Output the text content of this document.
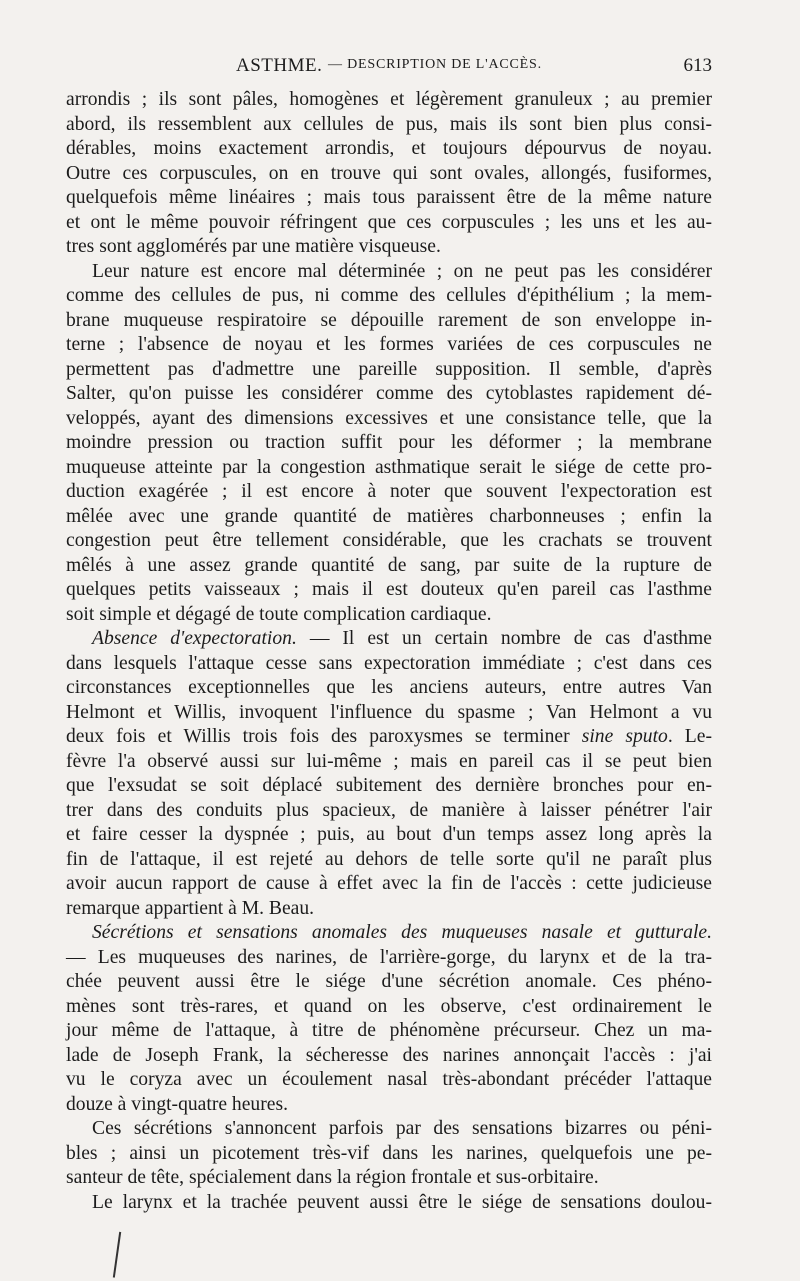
ASTHME. — DESCRIPTION DE L'ACCÈS.	613

arrondis ; ils sont pâles, homogènes et légèrement granuleux ; au premier
abord, ils ressemblent aux cellules de pus, mais ils sont bien plus consi-
dérables, moins exactement arrondis, et toujours dépourvus de noyau.
Outre ces corpuscules, on en trouve qui sont ovales, allongés, fusiformes,
quelquefois même linéaires ; mais tous paraissent être de la même nature
et ont le même pouvoir réfringent que ces corpuscules ; les uns et les au-
tres sont agglomérés par une matière visqueuse.

Leur nature est encore mal déterminée ; on ne peut pas les considérer
comme des cellules de pus, ni comme des cellules d'épithélium ; la mem-
brane muqueuse respiratoire se dépouille rarement de son enveloppe in-
terne ; l'absence de noyau et les formes variées de ces corpuscules ne
permettent pas d'admettre une pareille supposition. Il semble, d'après
Salter, qu'on puisse les considérer comme des cytoblastes rapidement dé-
veloppés, ayant des dimensions excessives et une consistance telle, que la
moindre pression ou traction suffit pour les déformer ; la membrane
muqueuse atteinte par la congestion asthmatique serait le siége de cette pro-
duction exagérée ; il est encore à noter que souvent l'expectoration est
mêlée avec une grande quantité de matières charbonneuses ; enfin la
congestion peut être tellement considérable, que les crachats se trouvent
mêlés à une assez grande quantité de sang, par suite de la rupture de
quelques petits vaisseaux ; mais il est douteux qu'en pareil cas l'asthme
soit simple et dégagé de toute complication cardiaque.

Absence d'expectoration. — Il est un certain nombre de cas d'asthme
dans lesquels l'attaque cesse sans expectoration immédiate ; c'est dans ces
circonstances exceptionnelles que les anciens auteurs, entre autres Van
Helmont et Willis, invoquent l'influence du spasme ; Van Helmont a vu
deux fois et Willis trois fois des paroxysmes se terminer sine sputo. Le-
fèvre l'a observé aussi sur lui-même ; mais en pareil cas il se peut bien
que l'exsudat se soit déplacé subitement des dernière bronches pour en-
trer dans des conduits plus spacieux, de manière à laisser pénétrer l'air
et faire cesser la dyspnée ; puis, au bout d'un temps assez long après la
fin de l'attaque, il est rejeté au dehors de telle sorte qu'il ne paraît plus
avoir aucun rapport de cause à effet avec la fin de l'accès : cette judicieuse
remarque appartient à M. Beau.

Sécrétions et sensations anomales des muqueuses nasale et gutturale.
— Les muqueuses des narines, de l'arrière-gorge, du larynx et de la tra-
chée peuvent aussi être le siége d'une sécrétion anomale. Ces phéno-
mènes sont très-rares, et quand on les observe, c'est ordinairement le
jour même de l'attaque, à titre de phénomène précurseur. Chez un ma-
lade de Joseph Frank, la sécheresse des narines annonçait l'accès : j'ai
vu le coryza avec un écoulement nasal très-abondant précéder l'attaque
douze à vingt-quatre heures.

Ces sécrétions s'annoncent parfois par des sensations bizarres ou péni-
bles ; ainsi un picotement très-vif dans les narines, quelquefois une pe-
santeur de tête, spécialement dans la région frontale et sus-orbitaire.

Le larynx et la trachée peuvent aussi être le siége de sensations doulou-
